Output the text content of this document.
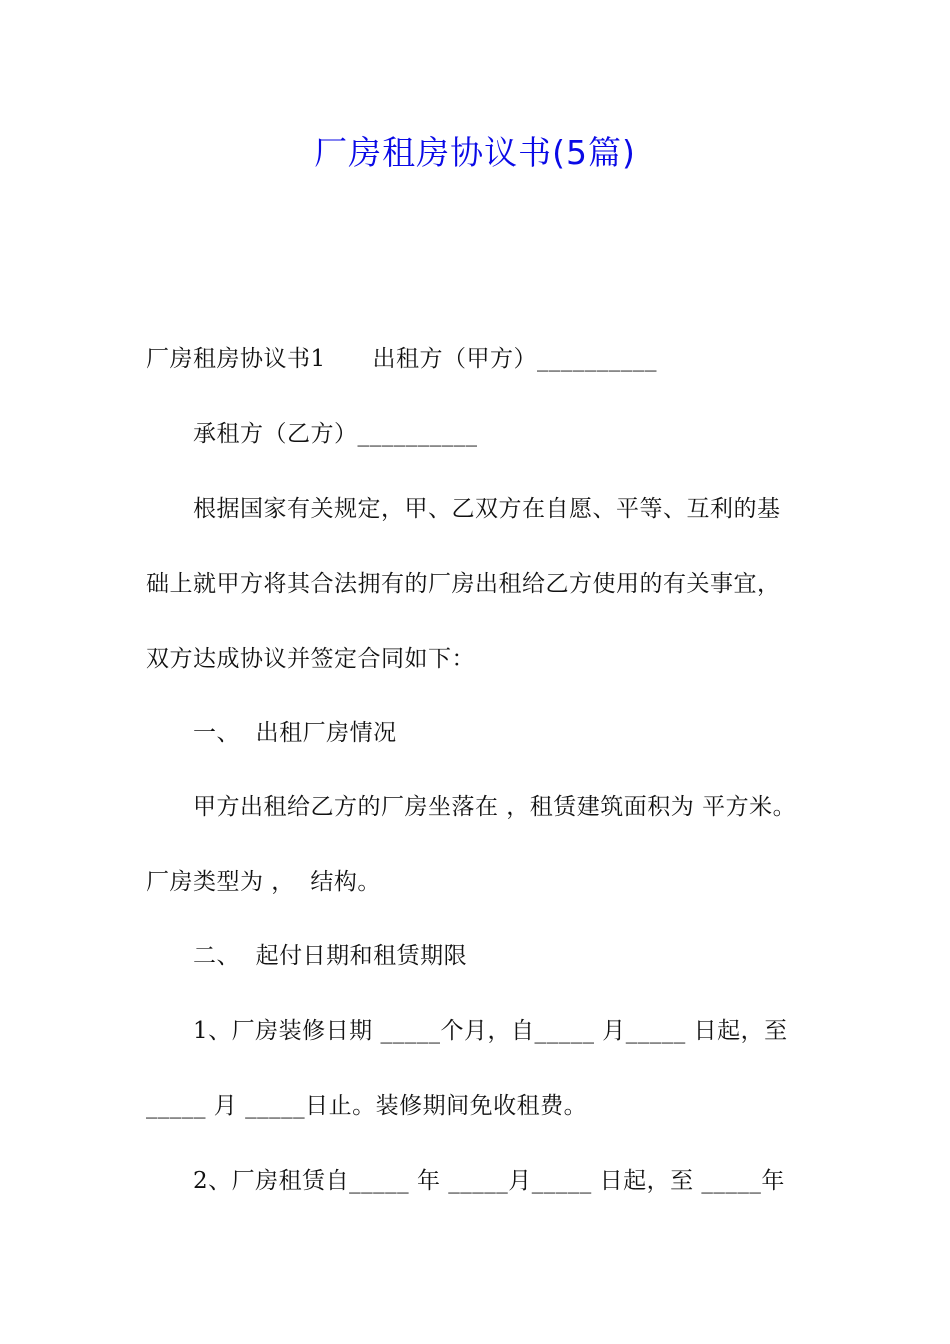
厂房租房协议书(5篇)
厂房租房协议书1      出租方（甲方）__________
承租方（乙方）__________
根据国家有关规定，甲、乙双方在自愿、平等、互利的基
础上就甲方将其合法拥有的厂房出租给乙方使用的有关事宜，
双方达成协议并签定合同如下：
一、  出租厂房情况
甲方出租给乙方的厂房坐落在 ，租赁建筑面积为 平方米。
厂房类型为 ，  结构。
二、  起付日期和租赁期限
1、厂房装修日期 _____个月，自_____ 月_____ 日起，至
_____ 月 _____日止。装修期间免收租费。
2、厂房租赁自_____ 年 _____月_____ 日起，至 _____年
